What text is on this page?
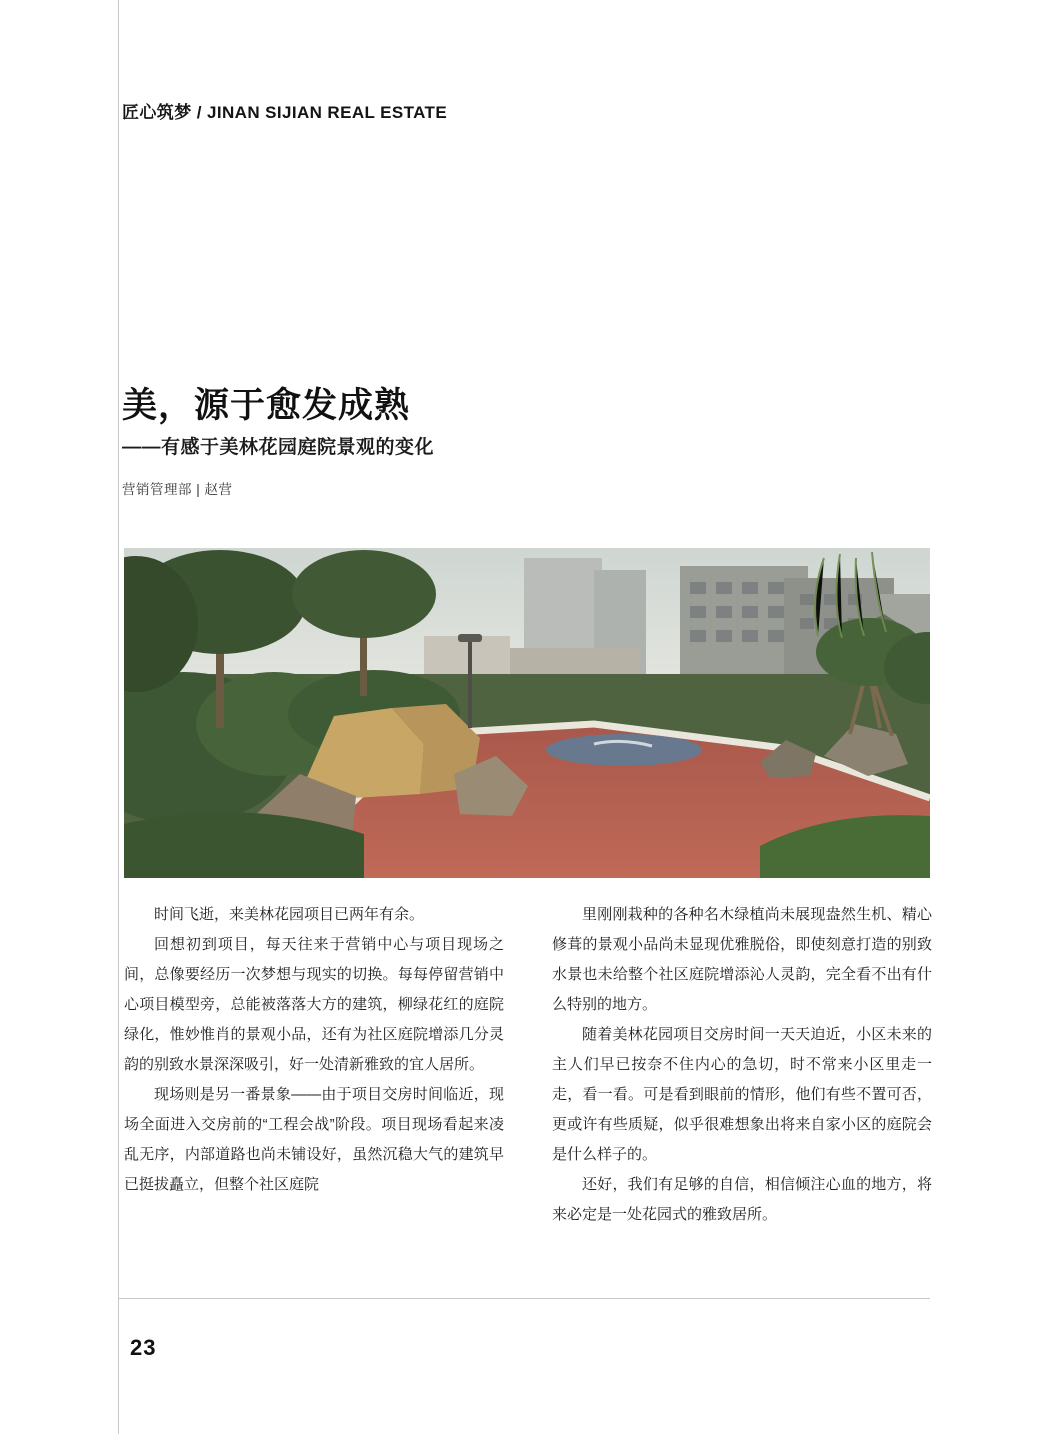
匠心筑梦 / JINAN SIJIAN REAL ESTATE
美，源于愈发成熟
——有感于美林花园庭院景观的变化
营销管理部 | 赵营

时间飞逝，来美林花园项目已两年有余。

回想初到项目，每天往来于营销中心与项目现场之间，总像要经历一次梦想与现实的切换。每每停留营销中心项目模型旁，总能被落落大方的建筑，柳绿花红的庭院绿化，惟妙惟肖的景观小品，还有为社区庭院增添几分灵韵的别致水景深深吸引，好一处清新雅致的宜人居所。

现场则是另一番景象——由于项目交房时间临近，现场全面进入交房前的“工程会战”阶段。项目现场看起来凌乱无序，内部道路也尚未铺设好，虽然沉稳大气的建筑早已挺拔矗立，但整个社区庭院

里刚刚栽种的各种名木绿植尚未展现盎然生机、精心修葺的景观小品尚未显现优雅脱俗，即使刻意打造的别致水景也未给整个社区庭院增添沁人灵韵，完全看不出有什么特别的地方。

随着美林花园项目交房时间一天天迫近，小区未来的主人们早已按奈不住内心的急切，时不常来小区里走一走，看一看。可是看到眼前的情形，他们有些不置可否，更或许有些质疑，似乎很难想象出将来自家小区的庭院会是什么样子的。

还好，我们有足够的自信，相信倾注心血的地方，将来必定是一处花园式的雅致居所。

23
